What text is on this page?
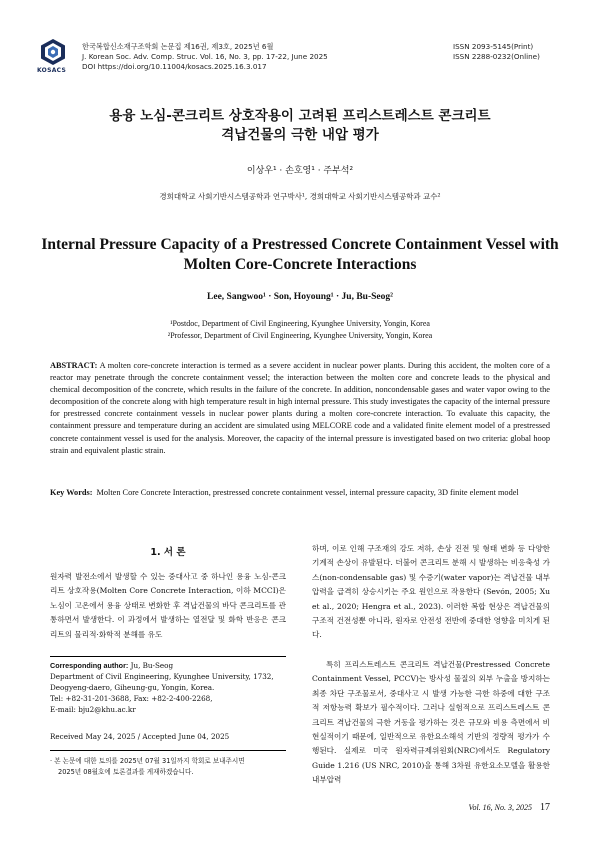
KOSACS
한국복합신소재구조학회 논문집 제16권, 제3호, 2025년 6월
J. Korean Soc. Adv. Comp. Struc. Vol. 16, No. 3, pp. 17-22, June 2025
DOI https://doi.org/10.11004/kosacs.2025.16.3.017
ISSN 2093-5145(Print)
ISSN 2288-0232(Online)
용융 노심-콘크리트 상호작용이 고려된 프리스트레스트 콘크리트
격납건물의 극한 내압 평가
이상우¹ · 손호영¹ · 주부석²
경희대학교 사회기반시스템공학과 연구박사¹, 경희대학교 사회기반시스템공학과 교수²
Internal Pressure Capacity of a Prestressed Concrete Containment Vessel with
Molten Core-Concrete Interactions
Lee, Sangwoo¹ · Son, Hoyoung¹ · Ju, Bu-Seog²
¹Postdoc, Department of Civil Engineering, Kyunghee University, Yongin, Korea
²Professor, Department of Civil Engineering, Kyunghee University, Yongin, Korea
ABSTRACT: A molten core-concrete interaction is termed as a severe accident in nuclear power plants. During this accident, the molten core of a reactor may penetrate through the concrete containment vessel; the interaction between the molten core and concrete leads to the physical and chemical decomposition of the concrete, which results in the failure of the concrete. In addition, noncondensable gases and water vapor owing to the decomposition of the concrete along with high temperature result in high internal pressure. This study investigates the capacity of the internal pressure for prestressed concrete containment vessels in nuclear power plants during a molten core-concrete interaction. To evaluate this capacity, the containment pressure and temperature during an accident are simulated using MELCORE code and a validated finite element model of a prestressed concrete containment vessel is used for the analysis. Moreover, the capacity of the internal pressure is investigated based on two criteria: global hoop strain and equivalent plastic strain.
Key Words: Molten Core Concrete Interaction, prestressed concrete containment vessel, internal pressure capacity, 3D finite element model
1. 서 론
원자력 발전소에서 발생할 수 있는 중대사고 중 하나인 용융 노심-콘크리트 상호작용(Molten Core Concrete Interaction, 이하 MCCI)은 노심이 고온에서 용융 상태로 변화한 후 격납건물의 바닥 콘크리트를 관통하면서 발생한다. 이 과정에서 발생하는 열전달 및 화학 반응은 콘크리트의 물리적·화학적 분해를 유도
Corresponding author: Ju, Bu-Seog
Department of Civil Engineering, Kyunghee University, 1732,
Deogyeng-daero, Giheung-gu, Yongin, Korea.
Tel: +82-31-201-3688, Fax: +82-2-400-2268,
E-mail: bju2@khu.ac.kr
Received May 24, 2025 / Accepted June 04, 2025
· 본 논문에 대한 토의를 2025년 07월 31일까지 학회로 보내주시면
2025년 08월호에 토론결과를 게재하겠습니다.
하며, 이로 인해 구조재의 강도 저하, 손상 진전 및 형태 변화 등 다양한 기계적 손상이 유발된다. 더불어 콘크리트 분해 시 발생하는 비응축성 가스(non-condensable gas) 및 수증기(water vapor)는 격납건물 내부 압력을 급격히 상승시키는 주요 원인으로 작용한다 (Sevón, 2005; Xu et al., 2020; Hengra et al., 2023). 이러한 복합 현상은 격납건물의 구조적 건전성뿐 아니라, 원자로 안전성 전반에 중대한 영향을 미치게 된다.
특히 프리스트레스트 콘크리트 격납건물(Prestressed Concrete Containment Vessel, PCCV)는 방사성 물질의 외부 누출을 방지하는 최종 차단 구조물로서, 중대사고 시 발생 가능한 극한 하중에 대한 구조적 저항능력 확보가 필수적이다. 그러나 실험적으로 프리스트레스트 콘크리트 격납건물의 극한 거동을 평가하는 것은 규모와 비용 측면에서 비현실적이기 때문에, 일반적으로 유한요소해석 기반의 정량적 평가가 수행된다. 실제로 미국 원자력규제위원회(NRC)에서도 Regulatory Guide 1.216 (US NRC, 2010)을 통해 3차원 유한요소모델을 활용한 내부압력
Vol. 16, No. 3, 2025 17
